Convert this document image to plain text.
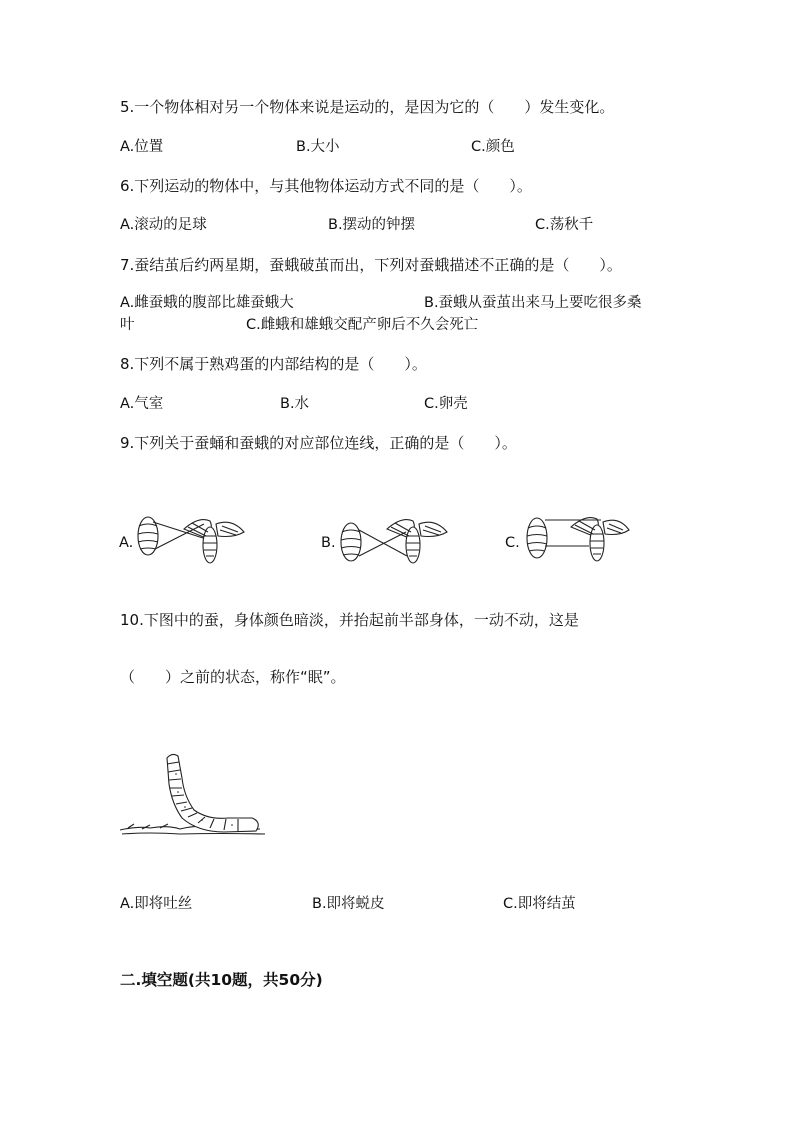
5.一个物体相对另一个物体来说是运动的，是因为它的（　　）发生变化。
A.位置	B.大小	C.颜色
6.下列运动的物体中，与其他物体运动方式不同的是（　　）。
A.滚动的足球	B.摆动的钟摆	C.荡秋千
7.蚕结茧后约两星期，蚕蛾破茧而出，下列对蚕蛾描述不正确的是（　　）。
A.雌蚕蛾的腹部比雄蚕蛾大	B.蚕蛾从蚕茧出来马上要吃很多桑
叶	C.雌蛾和雄蛾交配产卵后不久会死亡
8.下列不属于熟鸡蛋的内部结构的是（　　）。
A.气室	B.水	C.卵壳
9.下列关于蚕蛹和蚕蛾的对应部位连线，正确的是（　　）。
A.	B.	C.
10.下图中的蚕，身体颜色暗淡，并抬起前半部身体，一动不动，这是
（　　）之前的状态，称作“眠”。
A.即将吐丝	B.即将蜕皮	C.即将结茧
二.填空题(共10题，共50分)
